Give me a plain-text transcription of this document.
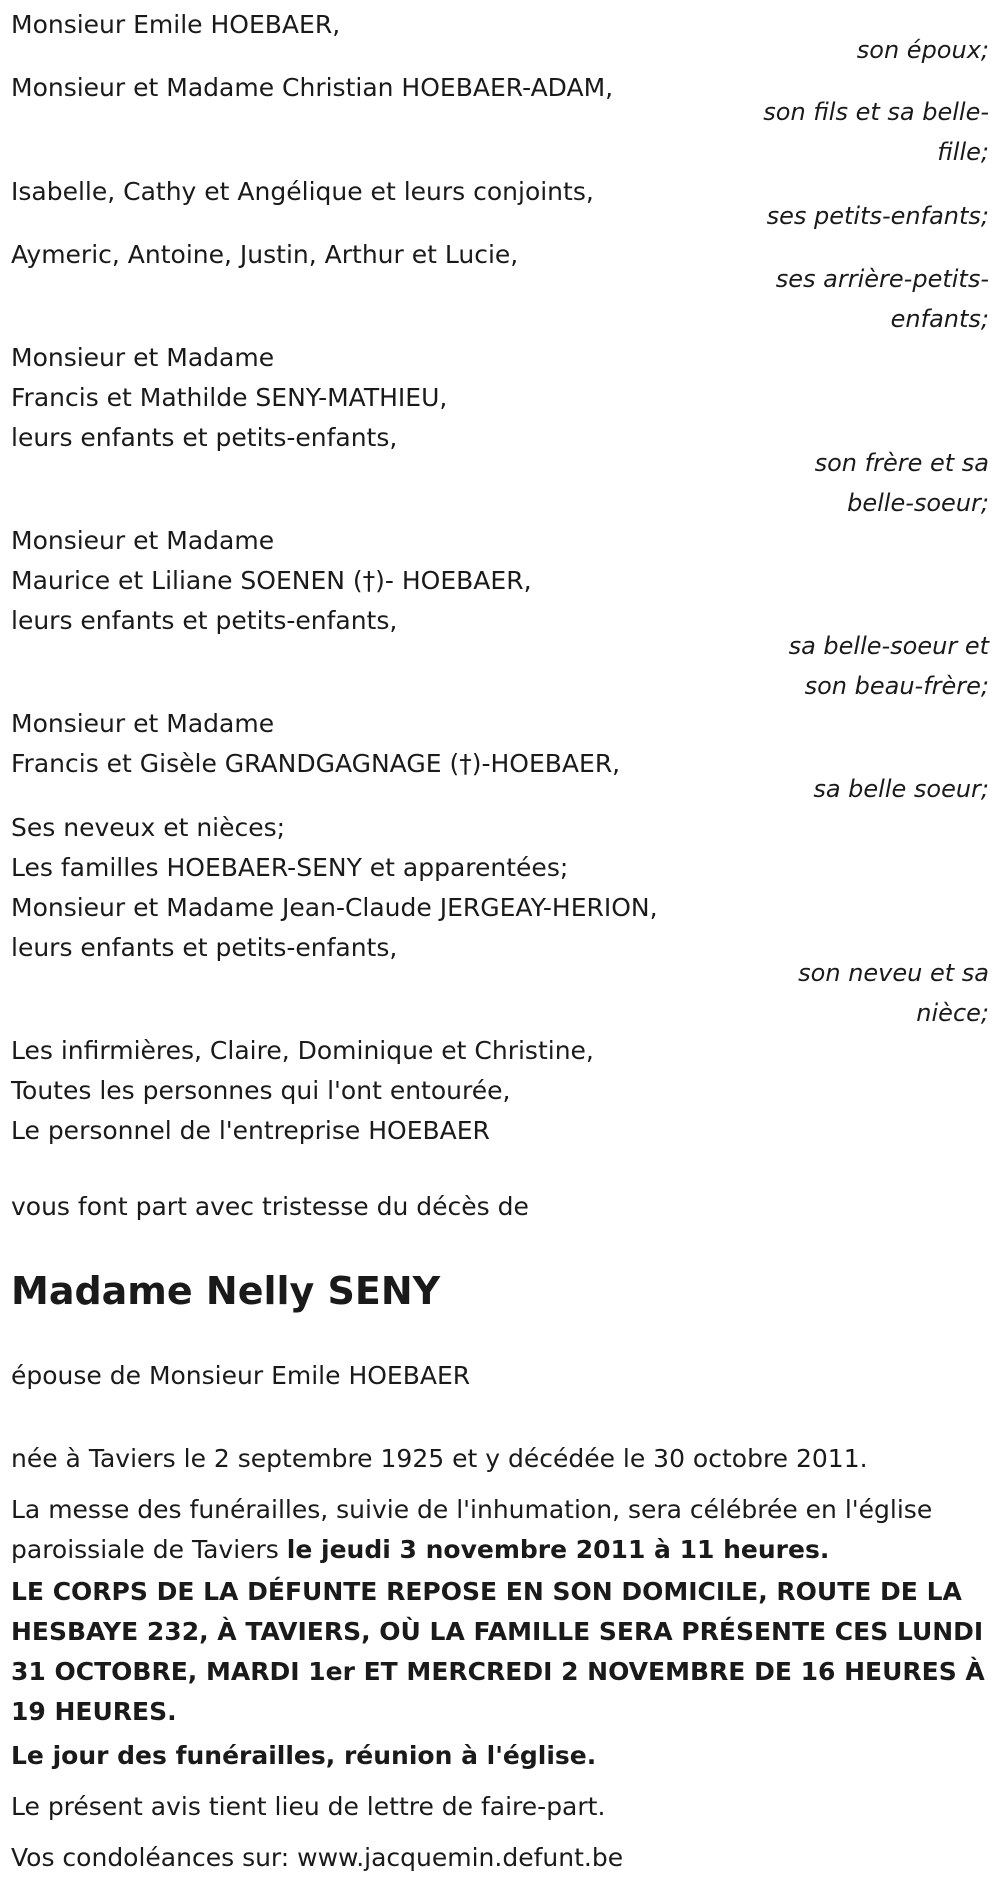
Monsieur Emile HOEBAER,
son époux;
Monsieur et Madame Christian HOEBAER-ADAM,
son fils et sa belle-
fille;
Isabelle, Cathy et Angélique et leurs conjoints,
ses petits-enfants;
Aymeric, Antoine, Justin, Arthur et Lucie,
ses arrière-petits-
enfants;
Monsieur et Madame
Francis et Mathilde SENY-MATHIEU,
leurs enfants et petits-enfants,
son frère et sa
belle-soeur;
Monsieur et Madame
Maurice et Liliane SOENEN (†)- HOEBAER,
leurs enfants et petits-enfants,
sa belle-soeur et
son beau-frère;
Monsieur et Madame
Francis et Gisèle GRANDGAGNAGE (†)-HOEBAER,
sa belle soeur;
Ses neveux et nièces;
Les familles HOEBAER-SENY et apparentées;
Monsieur et Madame Jean-Claude JERGEAY-HERION,
leurs enfants et petits-enfants,
son neveu et sa
nièce;
Les infirmières, Claire, Dominique et Christine,
Toutes les personnes qui l'ont entourée,
Le personnel de l'entreprise HOEBAER
vous font part avec tristesse du décès de
Madame Nelly SENY
épouse de Monsieur Emile HOEBAER
née à Taviers le 2 septembre 1925 et y décédée le 30 octobre 2011.
La messe des funérailles, suivie de l'inhumation, sera célébrée en l'église paroissiale de Taviers le jeudi 3 novembre 2011 à 11 heures.
LE CORPS DE LA DÉFUNTE REPOSE EN SON DOMICILE, ROUTE DE LA HESBAYE 232, À TAVIERS, OÙ LA FAMILLE SERA PRÉSENTE CES LUNDI 31 OCTOBRE, MARDI 1er ET MERCREDI 2 NOVEMBRE DE 16 HEURES À 19 HEURES.
Le jour des funérailles, réunion à l'église.
Le présent avis tient lieu de lettre de faire-part.
Vos condoléances sur: www.jacquemin.defunt.be
